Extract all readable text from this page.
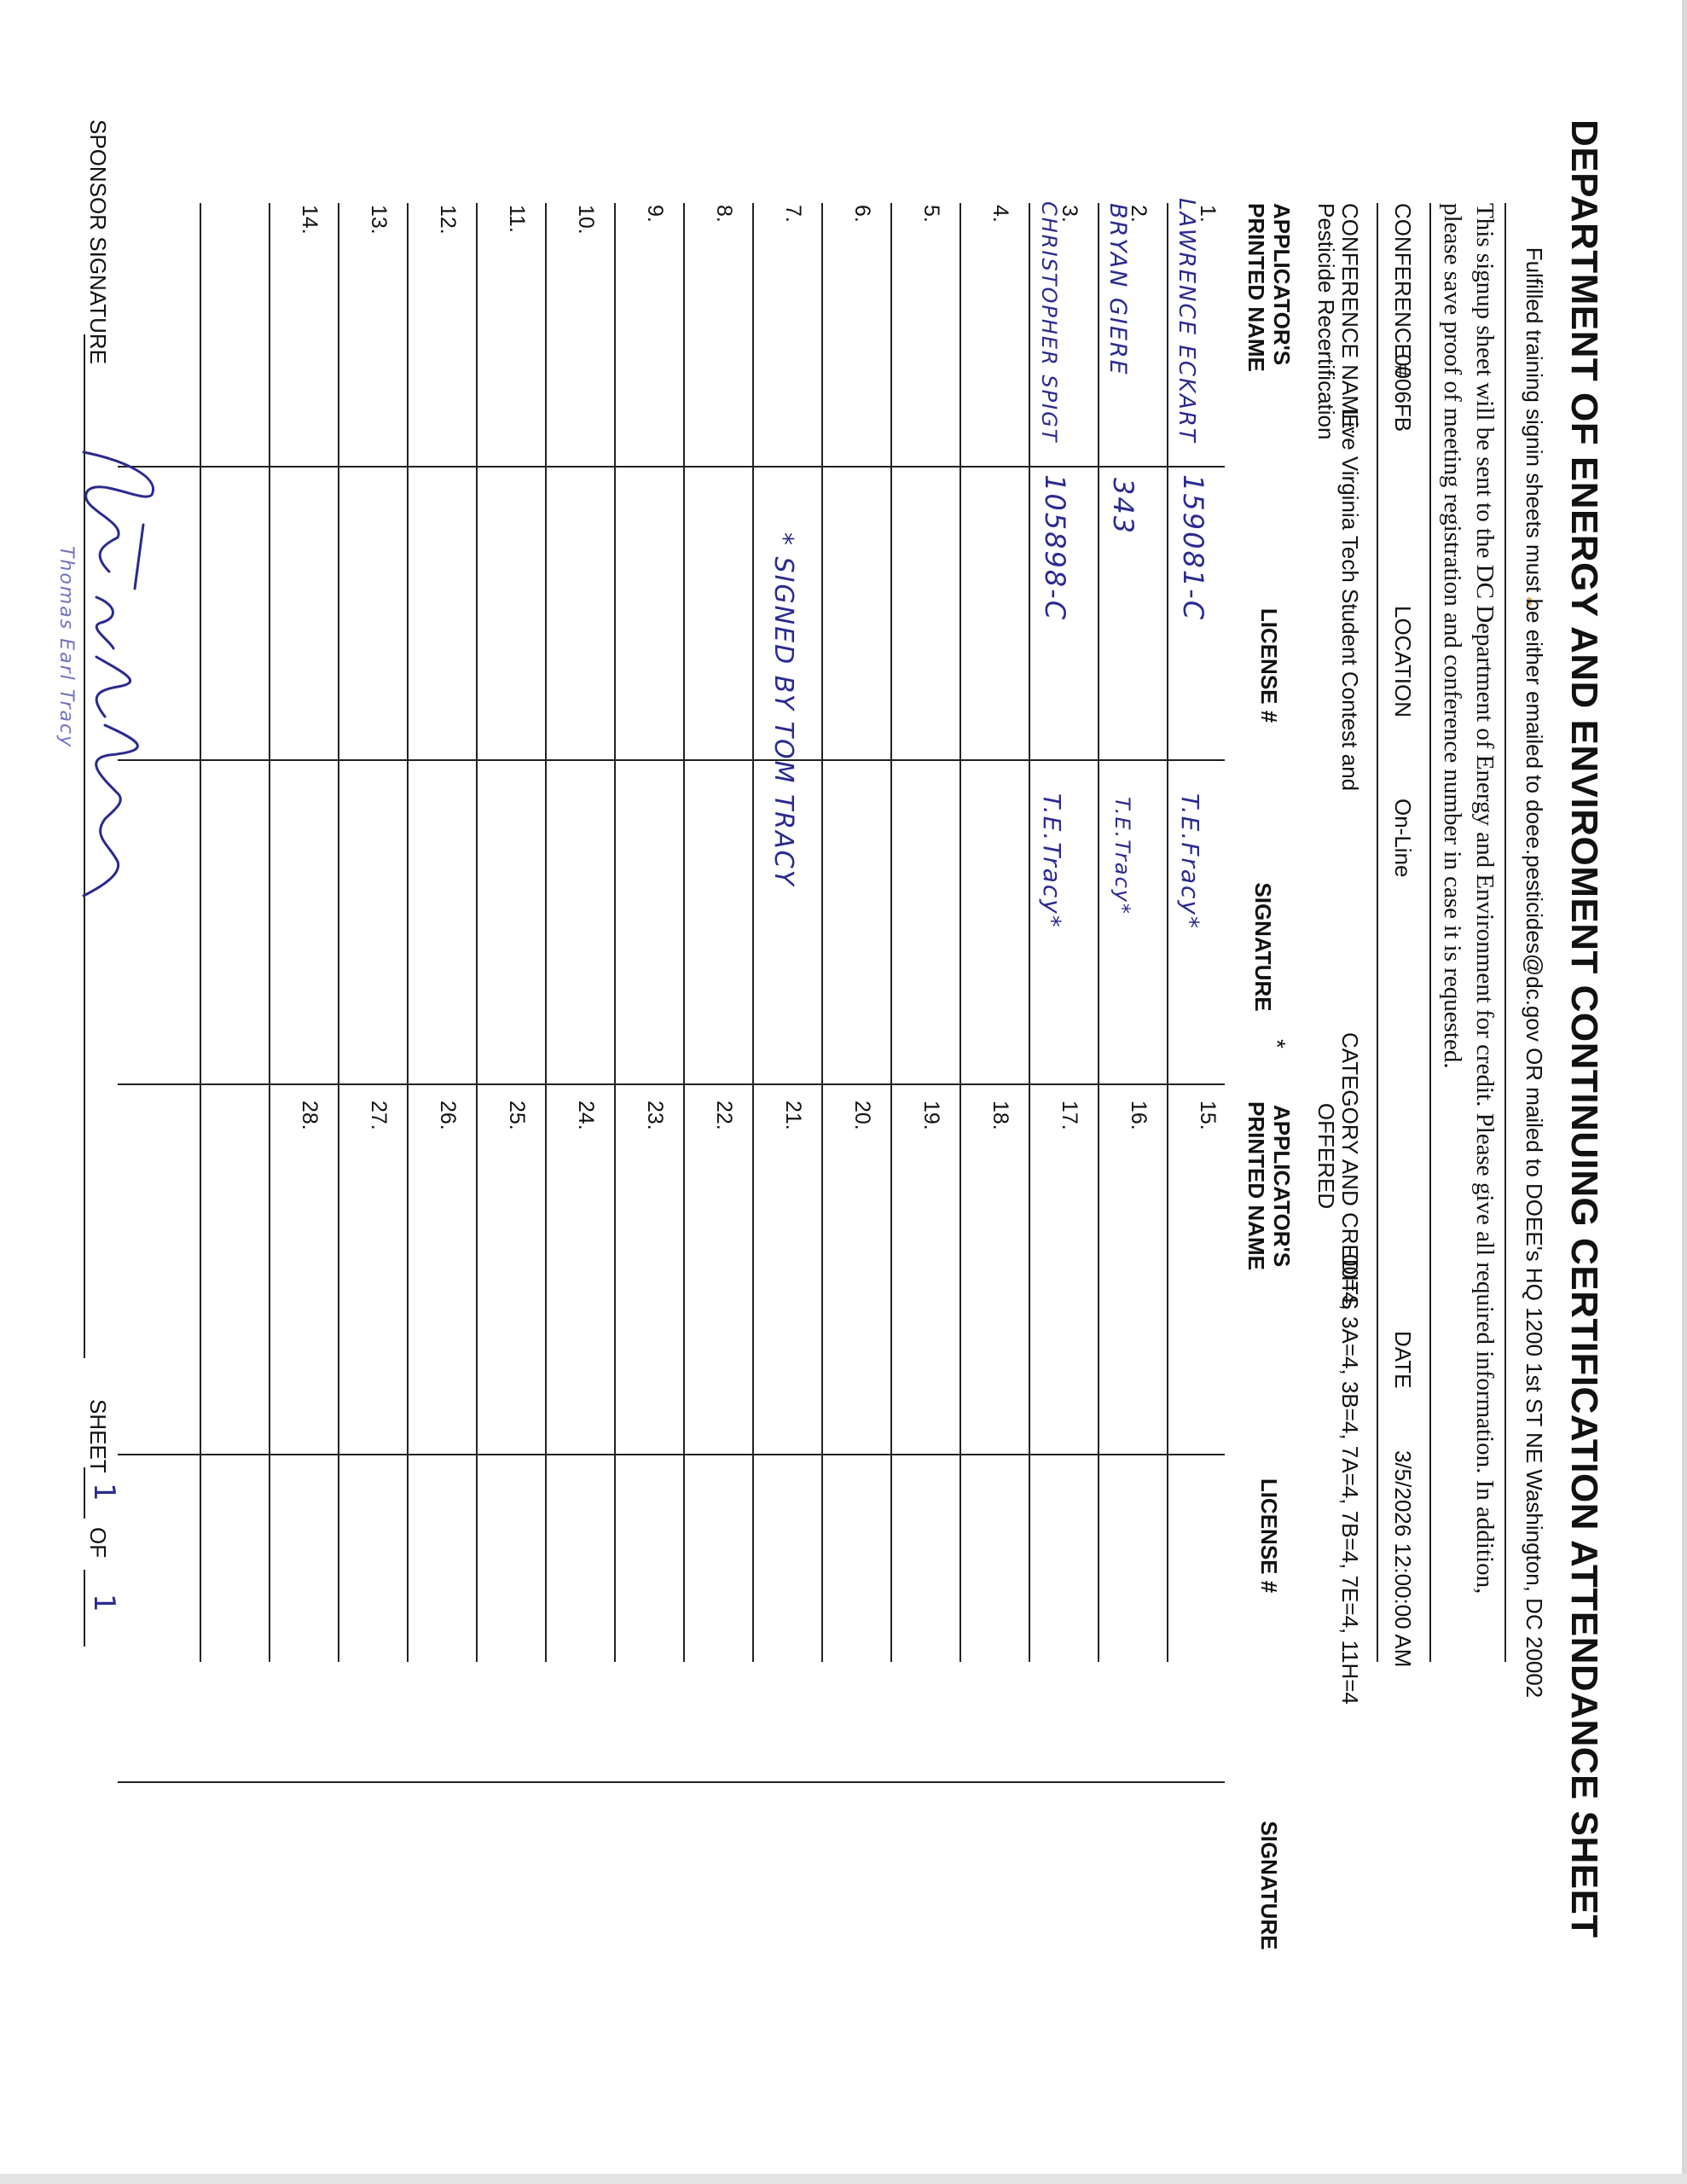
DEPARTMENT OF ENERGY AND ENVIROMENT CONTINUING CERTIFICATION ATTENDANCE SHEET
Fulfilled training signin sheets must be either emailed to doee.pesticides@dc.gov OR mailed to DOEE's HQ 1200 1st ST NE Washington, DC 20002
This signup sheet will be sent to the DC Department of Energy and Environment for credit. Please give all required information. In addition, please save proof of meeting registration and conference number in case it is requested.
CONFERENCE #
0006FB
LOCATION
On-Line
DATE
3/5/2026 12:00:00 AM
CONFERENCE NAME:
Live Virginia Tech Student Contest and
Pesticide Recertification
CATEGORY AND CREDITS
OFFERED
00=4, 3A=4, 3B=4, 7A=4, 7B=4, 7E=4, 11H=4
APPLICATOR'S
PRINTED NAME
LICENSE #
SIGNATURE
*
APPLICATOR'S
PRINTED NAME
LICENSE #
SIGNATURE
1.
2.
3.
4.
5.
6.
7.
8.
9.
10.
11.
12.
13.
14.
15.
16.
17.
18.
19.
20.
21.
22.
23.
24.
25.
26.
27.
28.
LAWRENCE ECKART
BRYAN GIERE
CHRISTOPHER SPIGT
159081-C
343
105898-C
T.E.Fracy*
T.E.Tracy*
T.E.Tracy*
* SIGNED BY TOM TRACY
SPONSOR SIGNATURE
Thomas Earl Tracy
SHEET
1
OF
1
